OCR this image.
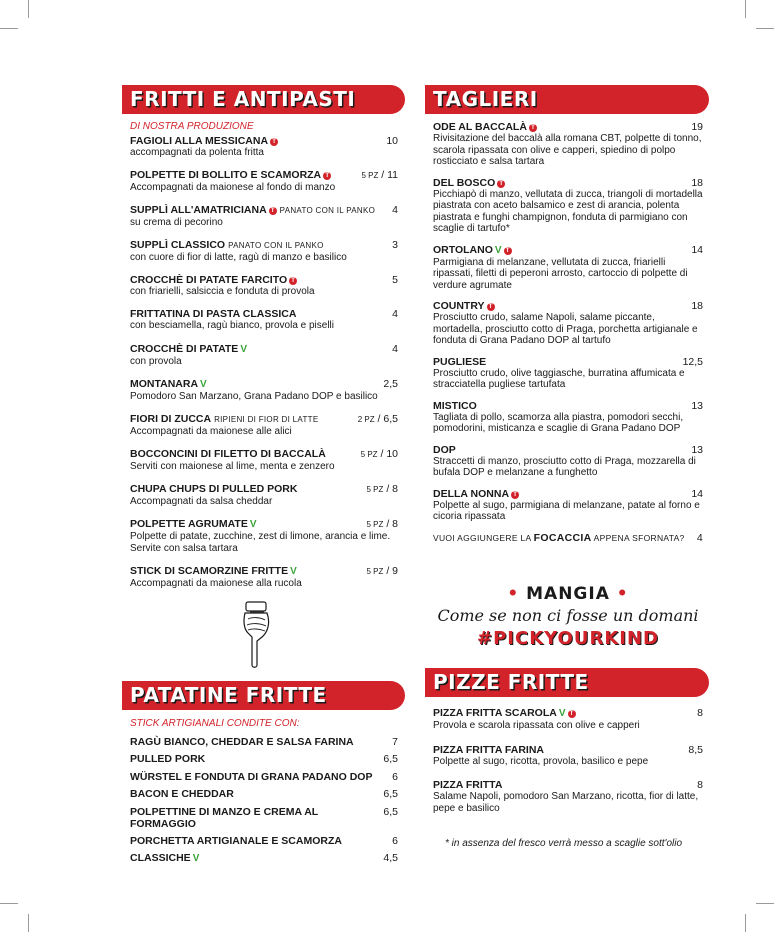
FRITTI E ANTIPASTI	TAGLIERI
PATATINE FRITTE
PIZZE FRITTE
DI NOSTRA PRODUZIONE
FAGIOLI ALLA MESSICANA T	10
accompagnati da polenta fritta
POLPETTE DI BOLLITO E SCAMORZA T	5 PZ / 11
Accompagnati da maionese al fondo di manzo
SUPPLÌ ALL'AMATRICIANA T PANATO CON IL PANKO 4
su crema di pecorino
SUPPLÌ CLASSICO PANATO CON IL PANKO	3
con cuore di fior di latte, ragù di manzo e basilico
CROCCHÈ DI PATATE FARCITO T	5
con friarielli, salsiccia e fonduta di provola
FRITTATINA DI PASTA CLASSICA	4
con besciamella, ragù bianco, provola e piselli
CROCCHÈ DI PATATE V	4
con provola
MONTANARA V	2,5
Pomodoro San Marzano, Grana Padano DOP e basilico
FIORI DI ZUCCA RIPIENI DI FIOR DI LATTE	2 PZ / 6,5
Accompagnati da maionese alle alici
BOCCONCINI DI FILETTO DI BACCALÀ	5 PZ / 10
Serviti con maionese al lime, menta e zenzero
CHUPA CHUPS DI PULLED PORK	5 PZ / 8
Accompagnati da salsa cheddar
POLPETTE AGRUMATE V	5 PZ / 8
Polpette di patate, zucchine, zest di limone, arancia e lime. Servite con salsa tartara
STICK DI SCAMORZINE FRITTE V	5 PZ / 9
Accompagnati da maionese alla rucola
STICK ARTIGIANALI CONDITE CON:
RAGÙ BIANCO, CHEDDAR E SALSA FARINA	7
PULLED PORK	6,5
WÜRSTEL E FONDUTA DI GRANA PADANO DOP 6
BACON E CHEDDAR	6,5
POLPETTINE DI MANZO E CREMA AL FORMAGGIO
6,5
PORCHETTA ARTIGIANALE E SCAMORZA	6
CLASSICHE V	4,5
ODE AL BACCALÀ T	19
Rivisitazione del baccalà alla romana CBT, polpette di tonno, scarola ripassata con olive e capperi, spiedino di polpo rosticciato e salsa tartara
DEL BOSCO T	18
Picchiapò di manzo, vellutata di zucca, triangoli di mortadella piastrata con aceto balsamico e zest di arancia, polenta piastrata e funghi champignon, fonduta di parmigiano con scaglie di tartufo*
ORTOLANO V T	14
Parmigiana di melanzane, vellutata di zucca, friarielli ripassati, filetti di peperoni arrosto, cartoccio di polpette di verdure agrumate
COUNTRY T	18
Prosciutto crudo, salame Napoli, salame piccante, mortadella, prosciutto cotto di Praga, porchetta artigianale e fonduta di Grana Padano DOP al tartufo
PUGLIESE	12,5
Prosciutto crudo, olive taggiasche, burratina affumicata e stracciatella pugliese tartufata
MISTICO	13
Tagliata di pollo, scamorza alla piastra, pomodori secchi, pomodorini, misticanza e scaglie di Grana Padano DOP
DOP	13
Straccetti di manzo, prosciutto cotto di Praga, mozzarella di bufala DOP e melanzane a funghetto
DELLA NONNA T	14
Polpette al sugo, parmigiana di melanzane, patate al forno e cicoria ripassata
VUOI AGGIUNGERE LA FOCACCIA APPENA SFORNATA? 4
• MANGIA •
Come se non ci fosse un domani
#PICKYOURKIND
PIZZA FRITTA SCAROLA V T	8
Provola e scarola ripassata con olive e capperi
PIZZA FRITTA FARINA	8,5
Polpette al sugo, ricotta, provola, basilico e pepe
PIZZA FRITTA	8
Salame Napoli, pomodoro San Marzano, ricotta, fior di latte, pepe e basilico
* in assenza del fresco verrà messo a scaglie sott'olio
